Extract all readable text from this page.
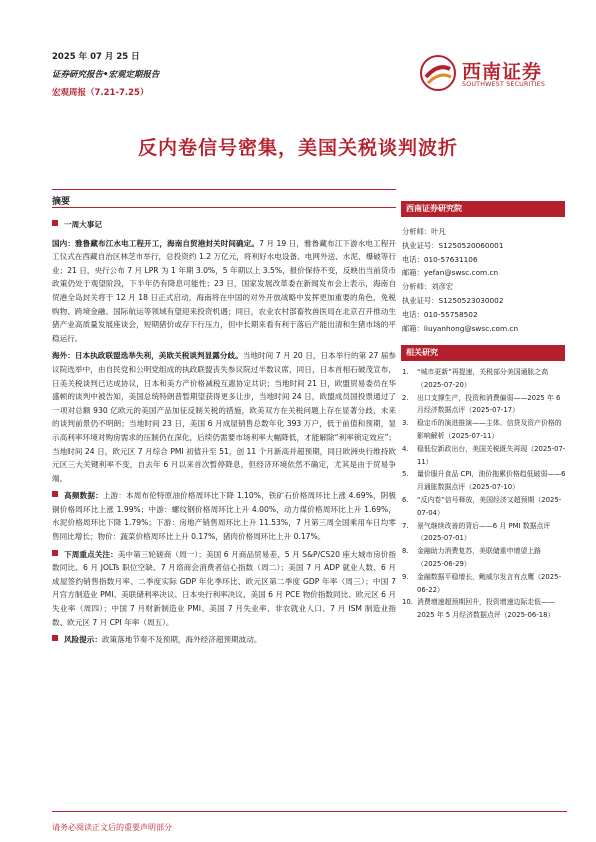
2025 年 07 月 25 日
证券研究报告•宏观定期报告
宏观周报（7.21-7.25）
西南证券
SOUTHWEST SECURITIES
反内卷信号密集，美国关税谈判波折
摘要
一周大事记

国内：雅鲁藏布江水电工程开工，海南自贸港封关时间确定。7 月 19 日，雅鲁藏布江下游水电工程开工仪式在西藏自治区林芝市举行，总投资约 1.2 万亿元，将利好水电设备、电网外送、水泥、爆破等行业；21 日，央行公布 7 月 LPR 为 1 年期 3.0%，5 年期以上 3.5%，报价保持不变，反映出当前货币政策仍处于观望阶段，下半年仍有降息可能性；23 日，国家发展改革委在新闻发布会上表示，海南自贸港全岛封关将于 12 月 18 日正式启动，海南将在中国的对外开放战略中发挥更加重要的角色，免税购物、跨境金融、国际航运等领域有望迎来投资机遇；同日，农业农村部畜牧兽医局在北京召开推动生猪产业高质量发展座谈会，短期猪价或存下行压力，但中长期来看有利于落后产能出清和生猪市场的平稳运行。

海外：日本执政联盟选举失利，美欧关税谈判显露分歧。当地时间 7 月 20 日，日本举行的第 27 届参议院选举中，由自民党和公明党组成的执政联盟丧失参议院过半数议席，同日，日本首相石破茂宣布，日美关税谈判已达成协议，日本和美方产价格减税互惠协定共识；当地时间 21 日，欧盟贸易委员在华盛顿的谈判中被告知，美国总统特朗普暂期望获得更多让步，当地时间 24 日，欧盟成员国投票通过了一项对总额 930 亿欧元的美国产品加征反制关税的措施，欧美双方在关税问题上存在显著分歧，未来的谈判前景仍不明朗；当地时间 23 日，美国 6 月成屋销售总数年化 393 万户，低于前值和预期，显示高利率环境对购房需求的压制仍在深化，后续仍需要市场利率大幅降低，才能解除“利率锁定效应”；当地时间 24 日，欧元区 7 月综合 PMI 初值升至 51，创 11 个月新高并超预期，同日欧洲央行维持欧元区三大关键利率不变，自去年 6 月以来首次暂停降息，但经济环境依然不确定，尤其是由于贸易争端。

高频数据：上游：本周布伦特原油价格周环比下降 1.10%，铁矿石价格周环比上涨 4.69%，阴极铜价格周环比上涨 1.99%；中游：螺纹钢价格周环比上升 4.00%，动力煤价格周环比上升 1.69%，水泥价格周环比下降 1.79%；下游：房地产销售周环比上升 11.53%，7 月第三周全国乘用车日均零售同比增长；物价：蔬菜价格周环比上升 0.17%，猪肉价格周环比上升 0.17%。

下周重点关注：美中第三轮磋商（周一）；美国 6 月商品贸易差、5 月 S&P/CS20 座大城市房价指数同比、6 月 JOLTs 职位空缺、7 月谘商会消费者信心指数（周二）；美国 7 月 ADP 就业人数、6 月成屋签约销售指数月率、二季度实际 GDP 年化季环比、欧元区第二季度 GDP 年率（周三）；中国 7 月官方制造业 PMI、美联储利率决议、日本央行利率决议、美国 6 月 PCE 物价指数同比、欧元区 6 月失业率（周四）；中国 7 月财新制造业 PMI、美国 7 月失业率、非农就业人口、7 月 ISM 制造业指数、欧元区 7 月 CPI 年率（周五）。

风险提示：政策落地节奏不及预期，海外经济超预期波动。

西南证券研究院
分析师：叶凡
执业证号：S1250520060001
电话：010-57631106
邮箱：yefan@swsc.com.cn
分析师：刘彦宏
执业证号：S1250523030002
电话：010-55758502
邮箱：liuyanhong@swsc.com.cn
相关研究
1.	“城市更新”再提速，关税部分美国通胀之高（2025-07-20）
2.	出口支撑生产，投资和消费偏弱——2025 年 6 月经济数据点评（2025-07-17）
3.	稳定币的演进推演——主体、信贷及资产价格的影响解析（2025-07-11）
4.	稳低位新政出台，美国关税既失再现（2025-07-11）
5.	量价服升食品 CPI，油价拖累价格趋低破弱——6 月通胀数据点评（2025-07-10）
6.	“反内卷”信号释放，美国经济又超预期（2025-07-04）
7.	景气继续改善的背后——6 月 PMI 数据点评（2025-07-01）
8.	金融助力消费复苏，美联储重申增望上路（2025-06-29）
9.	金融数据平稳增长，鲍威尔发言有点鹰（2025-06-22）
10. 消费增速超预期回升，投资增速边际走低——2025 年 5 月经济数据点评（2025-06-18）
请务必阅读正文后的重要声明部分
